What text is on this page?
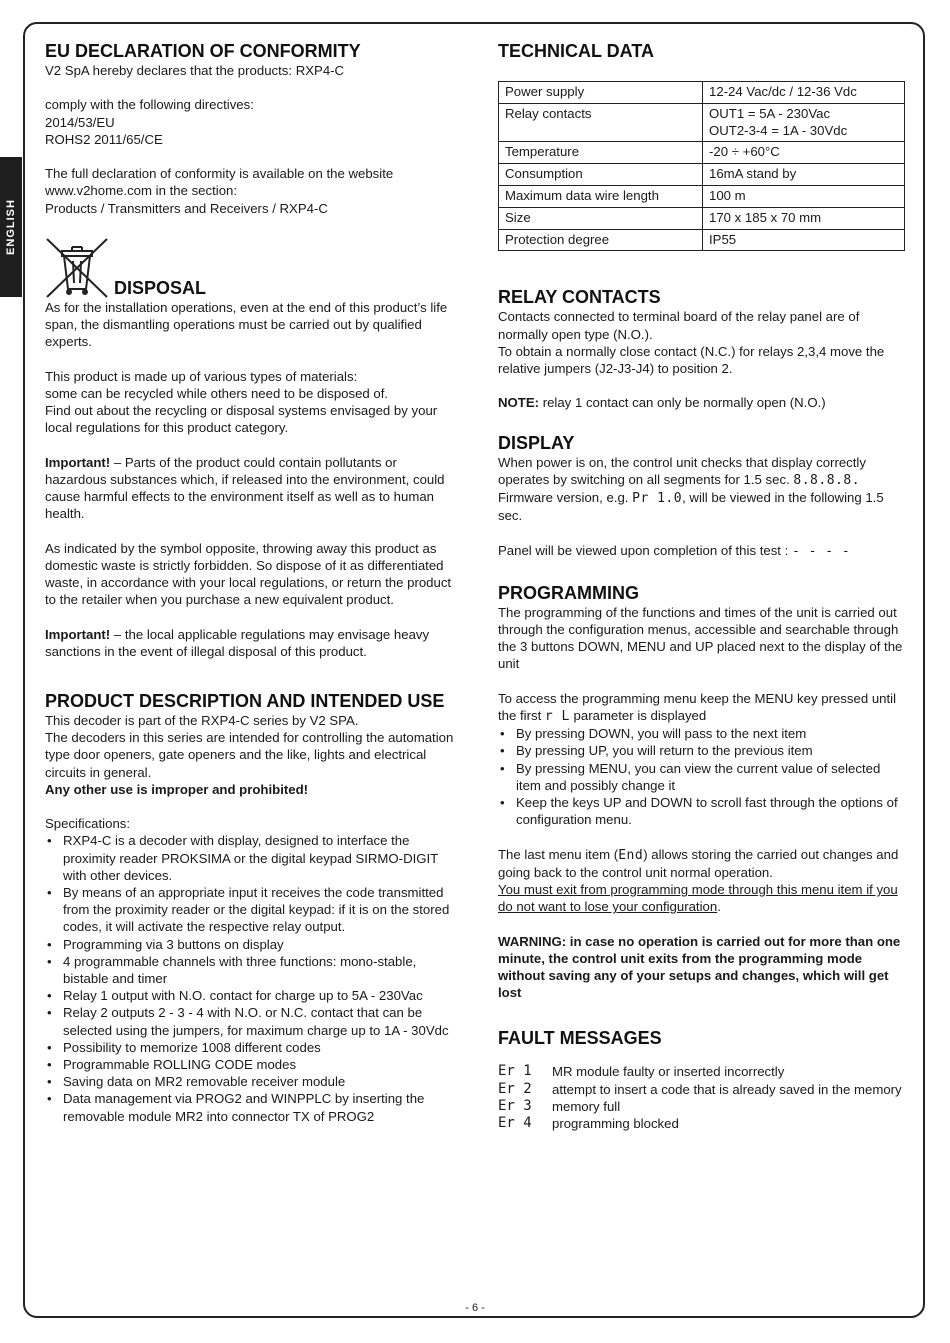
ENGLISH
EU DECLARATION OF CONFORMITY

V2 SpA hereby declares that the products: RXP4-C

comply with the following directives:

2014/53/EU

ROHS2 2011/65/CE

The full declaration of conformity is available on the website

www.v2home.com in the section:

Products / Transmitters and Receivers / RXP4-C

DISPOSAL

As for the installation operations, even at the end of this product’s life span, the dismantling operations must be carried out by qualified experts.

This product is made up of various types of materials:

some can be recycled while others need to be disposed of.

Find out about the recycling or disposal systems envisaged by your local regulations for this product category.

Important! – Parts of the product could contain pollutants or hazardous substances which, if released into the environment, could cause harmful effects to the environment itself as well as to human health.

As indicated by the symbol opposite, throwing away this product as domestic waste is strictly forbidden. So dispose of it as differentiated waste, in accordance with your local regulations, or return the product to the retailer when you purchase a new equivalent product.

Important! – the local applicable regulations may envisage heavy sanctions in the event of illegal disposal of this product.

PRODUCT DESCRIPTION AND INTENDED USE

This decoder is part of the RXP4-C series by V2 SPA.

The decoders in this series are intended for controlling the automation type door openers, gate openers and the like, lights and electrical circuits in general.

Any other use is improper and prohibited!

Specifications:

• RXP4-C is a decoder with display, designed to interface the proximity reader PROKSIMA or the digital keypad SIRMO-DIGIT with other devices.
• By means of an appropriate input it receives the code transmitted from the proximity reader or the digital keypad: if it is on the stored codes, it will activate the respective relay output.
• Programming via 3 buttons on display
• 4 programmable channels with three functions: mono-stable, bistable and timer
• Relay 1 output with N.O. contact for charge up to 5A - 230Vac
• Relay 2 outputs 2 - 3 - 4 with N.O. or N.C. contact that can be selected using the jumpers, for maximum charge up to 1A - 30Vdc
• Possibility to memorize 1008 different codes
• Programmable ROLLING CODE modes
• Saving data on MR2 removable receiver module
• Data management via PROG2 and WINPPLC by inserting the removable module MR2 into connector TX of PROG2
TECHNICAL DATA
Power supply	12-24 Vac/dc / 12-36 Vdc

Relay contacts	OUT1 = 5A - 230Vac
OUT2-3-4 = 1A - 30Vdc

Temperature	-20 ÷ +60°C

Consumption	16mA stand by

Maximum data wire length	100 m

Size	170 x 185 x 70 mm

Protection degree	IP55
RELAY CONTACTS

Contacts connected to terminal board of the relay panel are of normally open type (N.O.).

To obtain a normally close contact (N.C.) for relays 2,3,4 move the relative jumpers (J2-J3-J4) to position 2.

NOTE: relay 1 contact can only be normally open (N.O.)

DISPLAY

When power is on, the control unit checks that display correctly operates by switching on all segments for 1.5 sec. 8.8.8.8.
Firmware version, e.g. Pr 1.0, will be viewed in the following 1.5 sec.

Panel will be viewed upon completion of this test : - - - -

PROGRAMMING

The programming of the functions and times of the unit is carried out through the configuration menus, accessible and searchable through the 3 buttons DOWN, MENU and UP placed next to the display of the unit

To access the programming menu keep the MENU key pressed until the first r L parameter is displayed

• By pressing DOWN, you will pass to the next item
• By pressing UP, you will return to the previous item
• By pressing MENU, you can view the current value of selected item and possibly change it
• Keep the keys UP and DOWN to scroll fast through the options of configuration menu.

The last menu item (End) allows storing the carried out changes and going back to the control unit normal operation.
You must exit from programming mode through this menu item if you do not want to lose your configuration.

WARNING: in case no operation is carried out for more than one minute, the control unit exits from the programming mode without saving any of your setups and changes, which will get lost

FAULT MESSAGES
Er 1	MR module faulty or inserted incorrectly
Er 2	attempt to insert a code that is already saved in the memory
Er 3	memory full
Er 4	programming blocked
- 6 -
